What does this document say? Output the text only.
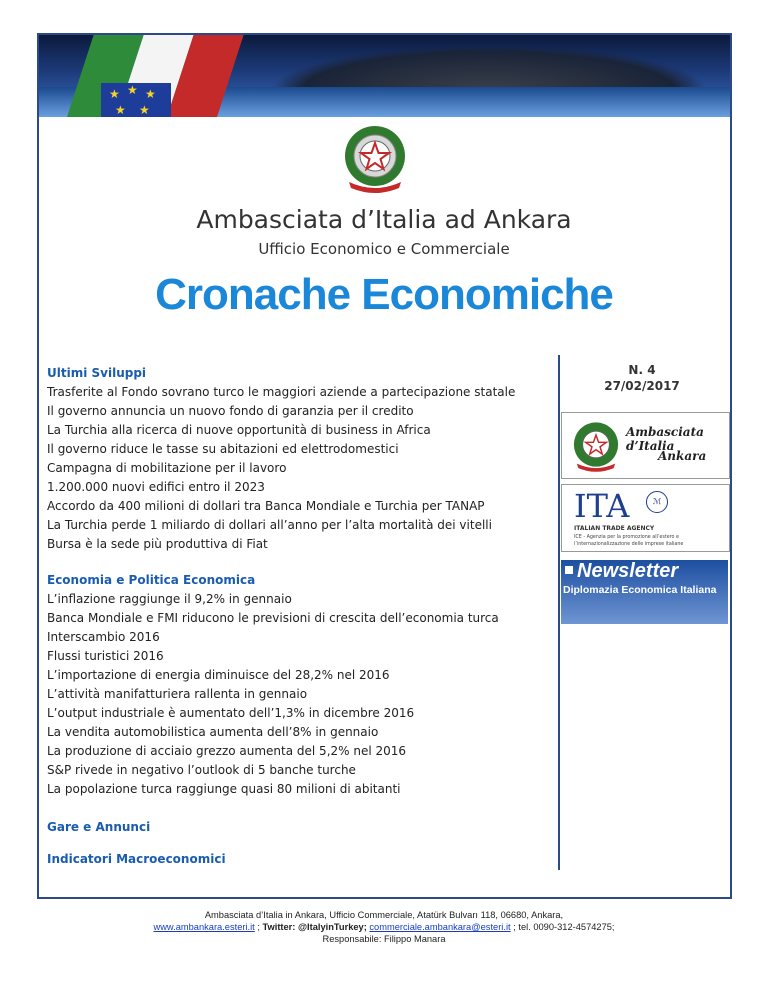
★ ★ ★
★ ★
Ambasciata d’Italia ad Ankara
Ufficio Economico e Commerciale
Cronache Economiche
Ultimi Sviluppi
Trasferite al Fondo sovrano turco le maggiori aziende a partecipazione statale
Il governo annuncia un nuovo fondo di garanzia per il credito
La Turchia alla ricerca di nuove opportunità di business in Africa
Il governo riduce le tasse su abitazioni ed elettrodomestici
Campagna di mobilitazione per il lavoro
1.200.000 nuovi edifici entro il 2023
Accordo da 400 milioni di dollari tra Banca Mondiale e Turchia per TANAP
La Turchia perde 1 miliardo di dollari all’anno per l’alta mortalità dei vitelli
Bursa è la sede più produttiva di Fiat
Economia e Politica Economica
L’inflazione raggiunge il 9,2% in gennaio
Banca Mondiale e FMI riducono le previsioni di crescita dell’economia turca
Interscambio 2016
Flussi turistici 2016
L’importazione di energia diminuisce del 28,2% nel 2016
L’attività manifatturiera rallenta in gennaio
L’output industriale è aumentato dell’1,3% in dicembre 2016
La vendita automobilistica aumenta dell’8% in gennaio
La produzione di acciaio grezzo aumenta del 5,2% nel 2016
S&P rivede in negativo l’outlook di 5 banche turche
La popolazione turca raggiunge quasi 80 milioni di abitanti
Gare e Annunci
Indicatori Macroeconomici
N. 4
27/02/2017
Ambasciata d’Italia
Ankara
ITA	ℳ
ITALIAN TRADE AGENCY
ICE - Agenzia per la promozione all’estero e
l’internazionalizzazione delle imprese italiane
Newsletter
Diplomazia Economica Italiana
Ambasciata d’Italia in Ankara, Ufficio Commerciale, Atatürk Bulvarı 118, 06680, Ankara,
www.ambankara.esteri.it ; Twitter: @ItalyinTurkey; commerciale.ambankara@esteri.it ; tel. 0090-312-4574275;
Responsabile: Filippo Manara
